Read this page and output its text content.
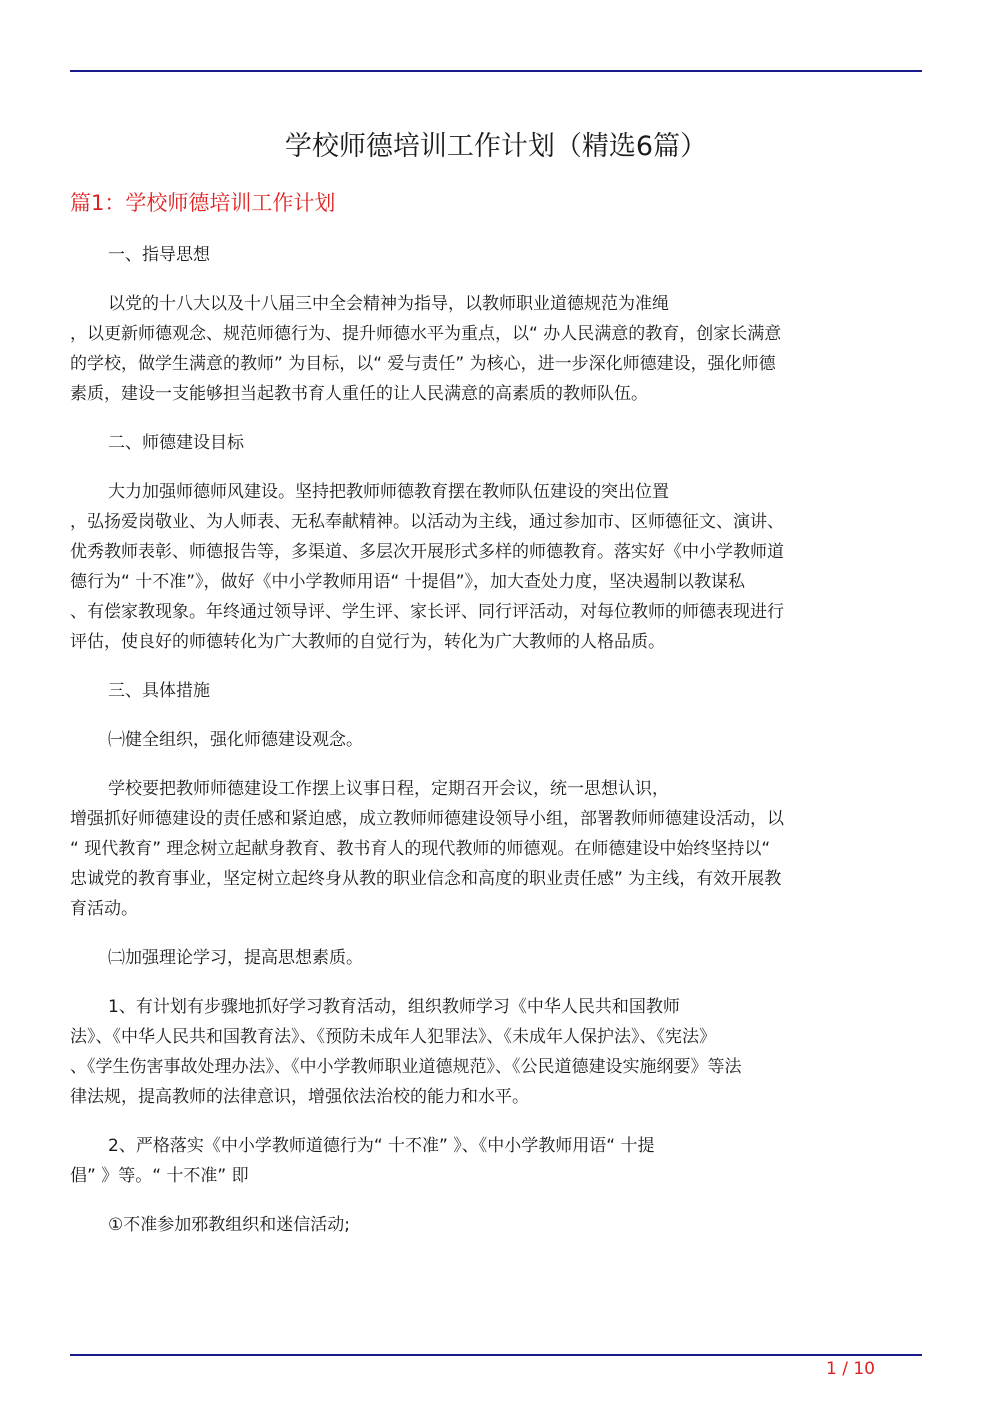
学校师德培训工作计划（精选6篇）
篇1：学校师德培训工作计划

一、指导思想

以党的十八大以及十八届三中全会精神为指导，以教师职业道德规范为准绳
，以更新师德观念、规范师德行为、提升师德水平为重点，以“ 办人民满意的教育，创家长满意
的学校，做学生满意的教师” 为目标，以“ 爱与责任” 为核心，进一步深化师德建设，强化师德
素质，建设一支能够担当起教书育人重任的让人民满意的高素质的教师队伍。

二、师德建设目标

大力加强师德师风建设。坚持把教师师德教育摆在教师队伍建设的突出位置
，弘扬爱岗敬业、为人师表、无私奉献精神。以活动为主线，通过参加市、区师德征文、演讲、
优秀教师表彰、师德报告等，多渠道、多层次开展形式多样的师德教育。落实好《中小学教师道
德行为“ 十不准”》，做好《中小学教师用语“ 十提倡”》，加大查处力度，坚决遏制以教谋私
、有偿家教现象。年终通过领导评、学生评、家长评、同行评活动，对每位教师的师德表现进行
评估，使良好的师德转化为广大教师的自觉行为，转化为广大教师的人格品质。

三、具体措施

㈠健全组织，强化师德建设观念。

学校要把教师师德建设工作摆上议事日程，定期召开会议，统一思想认识，
增强抓好师德建设的责任感和紧迫感，成立教师师德建设领导小组，部署教师师德建设活动，以
“ 现代教育” 理念树立起献身教育、教书育人的现代教师的师德观。在师德建设中始终坚持以“
忠诚党的教育事业，坚定树立起终身从教的职业信念和高度的职业责任感” 为主线，有效开展教
育活动。

㈡加强理论学习，提高思想素质。

1、有计划有步骤地抓好学习教育活动，组织教师学习《中华人民共和国教师
法》、《中华人民共和国教育法》、《预防未成年人犯罪法》、《未成年人保护法》、《宪法》
、《学生伤害事故处理办法》、《中小学教师职业道德规范》、《公民道德建设实施纲要》等法
律法规，提高教师的法律意识，增强依法治校的能力和水平。

2、严格落实《中小学教师道德行为“ 十不准” 》、《中小学教师用语“ 十提
倡” 》等。“ 十不准” 即

①不准参加邪教组织和迷信活动;

1 / 10
